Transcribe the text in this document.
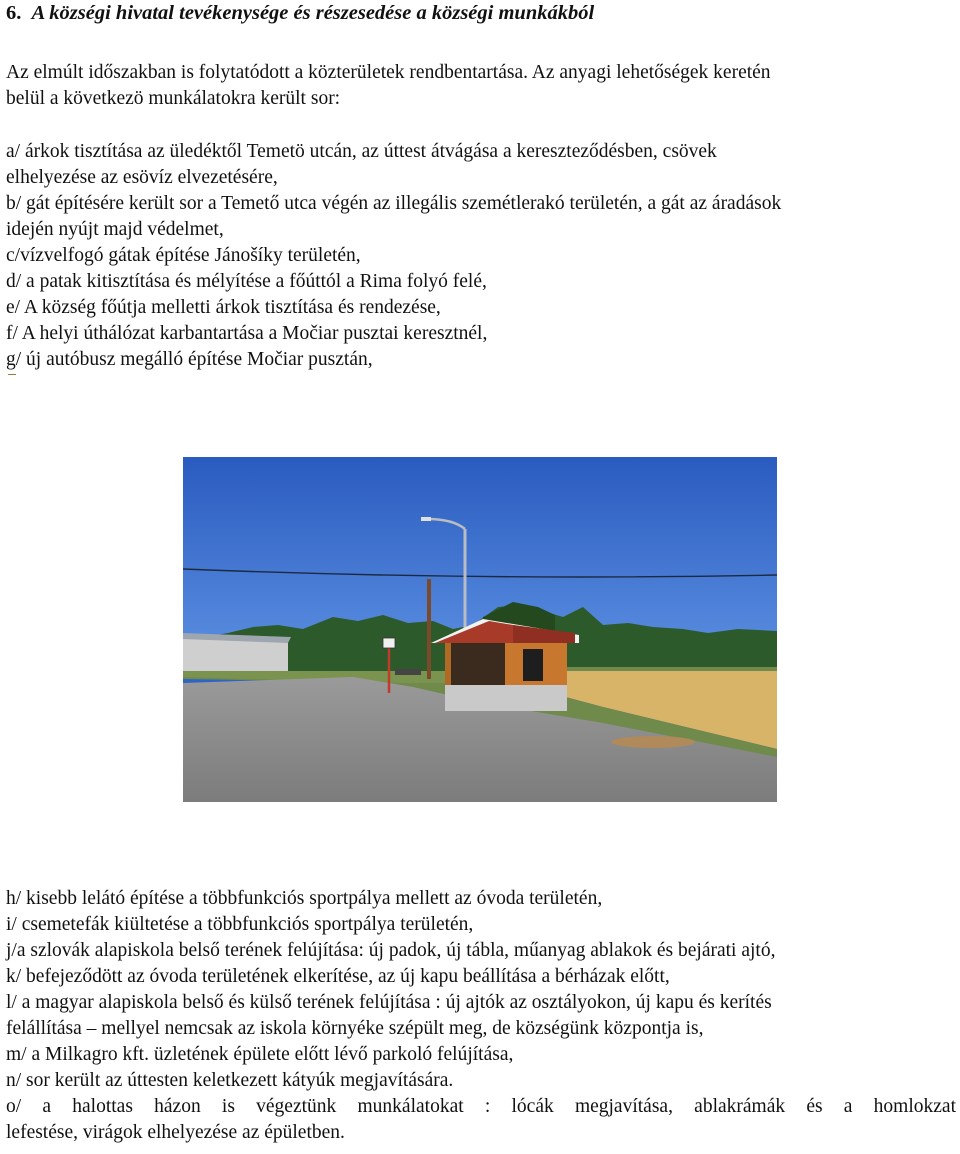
6. A községi hivatal tevékenysége és részesedése a községi munkákból
Az elmúlt időszakban is folytatódott a közterületek rendbentartása. Az anyagi lehetőségek keretén
belül a következö munkálatokra került sor:
a/ árkok tisztítása az üledéktől Temetö utcán, az úttest átvágása a kereszteződésben, csövek
elhelyezése az esövíz elvezetésére,
b/ gát építésére került sor a Temető utca végén az illegális szemétlerakó területén, a gát az áradások
idején nyújt majd védelmet,
c/vízvelfogó gátak építése Jánošíky területén,
d/ a patak kitisztítása és mélyítése a főúttól a Rima folyó felé,
e/ A község főútja melletti árkok tisztítása és rendezése,
f/ A helyi úthálózat karbantartása a Močiar pusztai keresztnél,
g/ új autóbusz megálló építése Močiar pusztán,
h/ kisebb lelátó építése a többfunkciós sportpálya mellett az óvoda területén,
i/ csemetefák kiültetése a többfunkciós sportpálya területén,
j/a szlovák alapiskola belső terének felújítása: új padok, új tábla, műanyag ablakok és bejárati ajtó,
k/ befejeződött az óvoda területének elkerítése, az új kapu beállítása a bérházak előtt,
l/ a magyar alapiskola belső és külső terének felújítása : új ajtók az osztályokon, új kapu és kerítés
felállítása – mellyel nemcsak az iskola környéke szépült meg, de községünk központja is,
m/ a Milkagro kft. üzletének épülete előtt lévő parkoló felújítása,
n/ sor került az úttesten keletkezett kátyúk megjavítására.
o/ a halottas házon is végeztünk munkálatokat : lócák megjavítása, ablakrámák és a homlokzat
lefestése, virágok elhelyezése az épületben.
